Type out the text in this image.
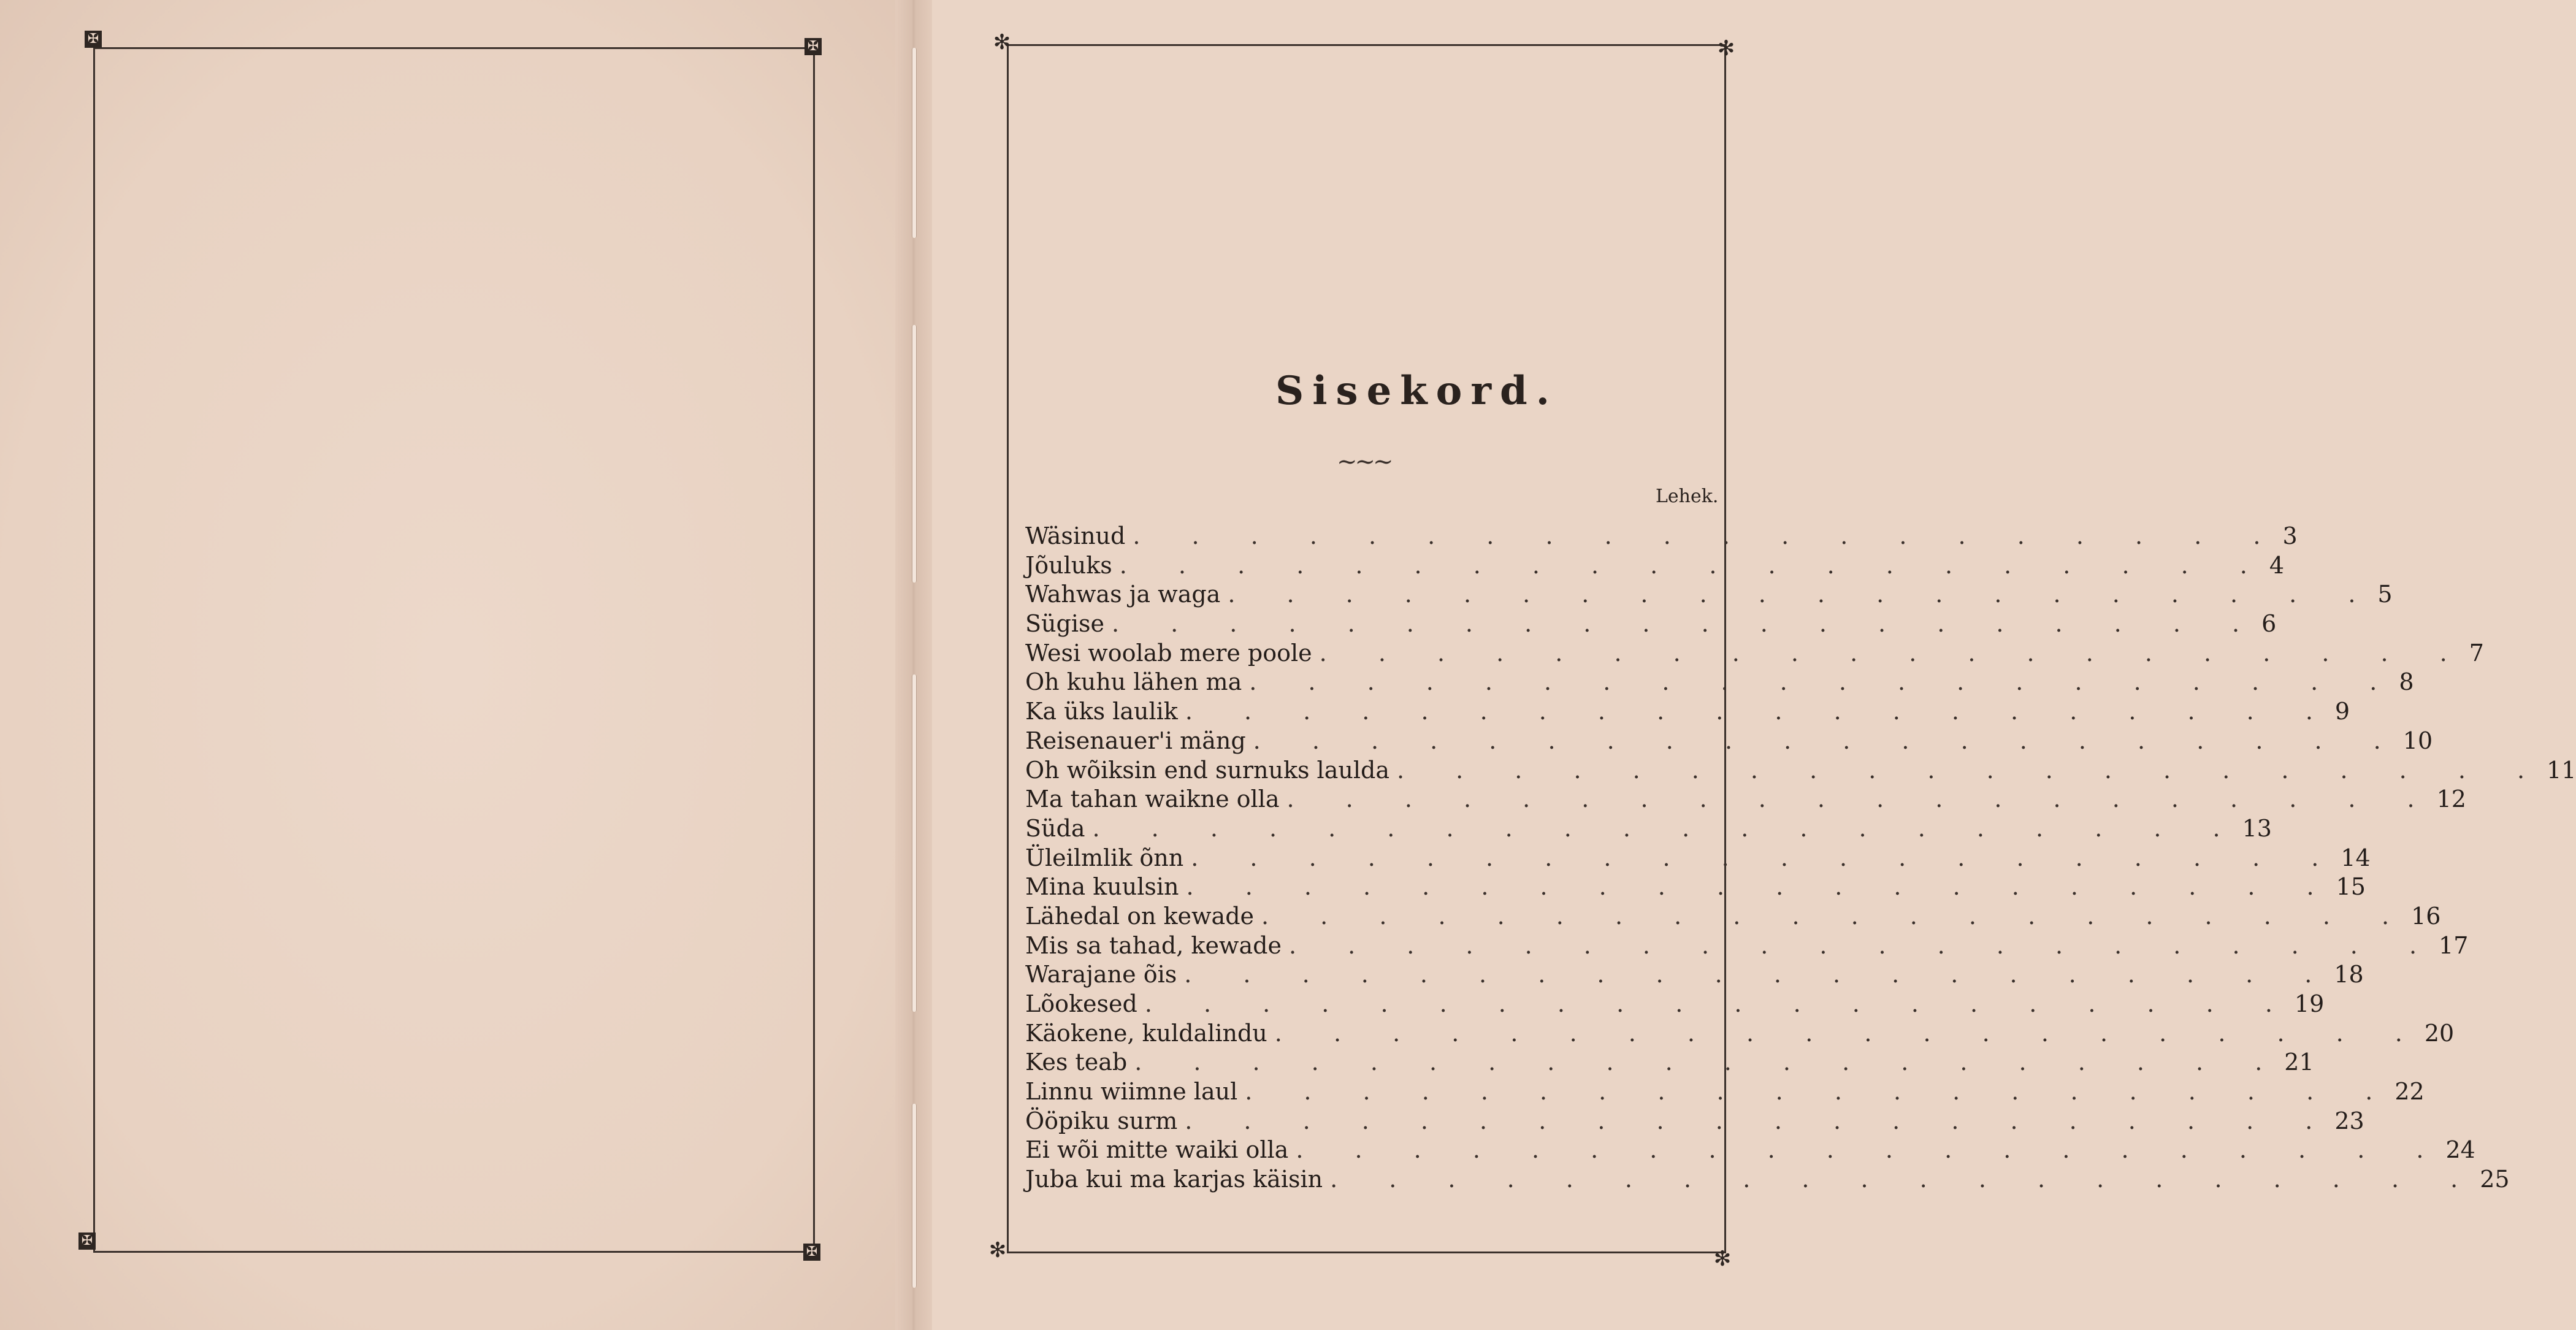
✠	✠
✠
✠
✻	✻
✻	✻
Sisekord.
~~~
Lehek.
Wäsinud . . . . . . . . . . . . . . . . . . . . 3
Jõuluks . . . . . . . . . . . . . . . . . . . . 4
Wahwas ja waga . . . . . . . . . . . . . . . . . . . . 5
Sügise . . . . . . . . . . . . . . . . . . . . 6
Wesi woolab mere poole . . . . . . . . . . . . . . . . . . . . 7
Oh kuhu lähen ma . . . . . . . . . . . . . . . . . . . . 8
Ka üks laulik . . . . . . . . . . . . . . . . . . . . 9
Reisenauer'i mäng . . . . . . . . . . . . . . . . . . . . 10
Oh wõiksin end surnuks laulda . . . . . . . . . . . . . . . . . . . . 11
Ma tahan waikne olla . . . . . . . . . . . . . . . . . . . . 12
Süda . . . . . . . . . . . . . . . . . . . . 13
Üleilmlik õnn . . . . . . . . . . . . . . . . . . . . 14
Mina kuulsin . . . . . . . . . . . . . . . . . . . . 15
Lähedal on kewade . . . . . . . . . . . . . . . . . . . . 16
Mis sa tahad, kewade . . . . . . . . . . . . . . . . . . . . 17
Warajane õis . . . . . . . . . . . . . . . . . . . . 18
Lõokesed . . . . . . . . . . . . . . . . . . . . 19
Käokene, kuldalindu . . . . . . . . . . . . . . . . . . . . 20
Kes teab . . . . . . . . . . . . . . . . . . . . 21
Linnu wiimne laul . . . . . . . . . . . . . . . . . . . . 22
Ööpiku surm . . . . . . . . . . . . . . . . . . . . 23
Ei wõi mitte waiki olla . . . . . . . . . . . . . . . . . . . . 24
Juba kui ma karjas käisin . . . . . . . . . . . . . . . . . . . . 25
